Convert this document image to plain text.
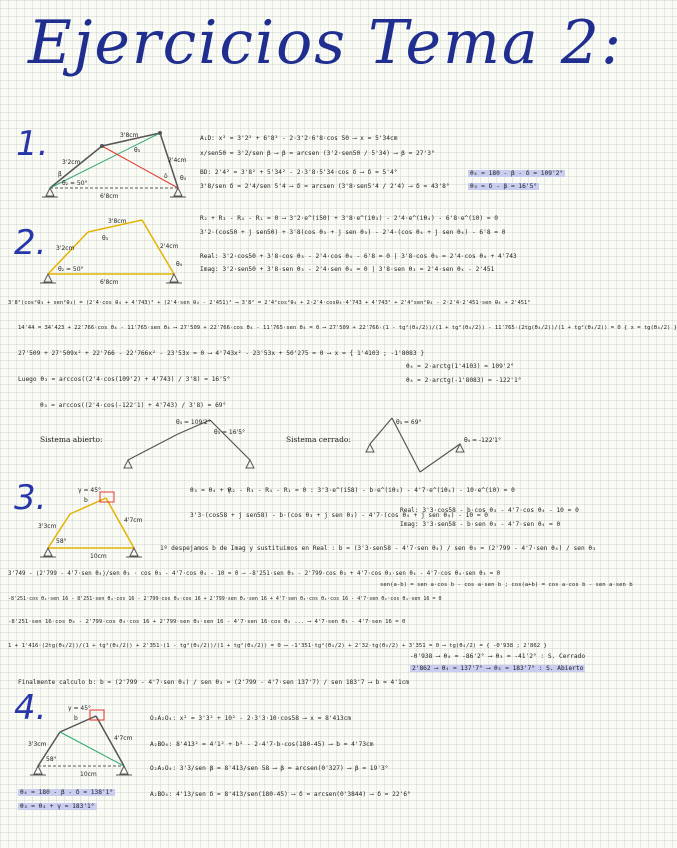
Ejercicios Tema 2:
1.
2.
3.
4.
3'2cm
3'8cm
2'4cm
6'8cm
θ₂ = 50°
θ₃
θ₄
δ
β
A₁D: x² = 3'2² + 6'8² - 2·3'2·6'8·cos 50 ⟶ x = 5'34cm
x/sen50 = 3'2/sen β ⟶ β = arcsen (3'2·sen50 / 5'34) ⟶ β = 27'3°
BD: 2'4² = 3'8² + 5'34² - 2·3'8·5'34·cos δ ⟶ δ = 5'4°
3'8/sen δ = 2'4/sen 5'4 ⟶ δ = arcsen (3'8·sen5'4 / 2'4) ⟶ δ = 43'8°
θ₄ = 180 - β - δ = 109'2°
θ₃ = δ - β = 16'5°
3'2cm
3'8cm
2'4cm
6'8cm
θ₂ = 50°
θ₃
θ₄
R₂ + R₃ - R₄ - R₁ = 0 ⟶ 3'2·e^(i50) + 3'8·e^(iθ₃) - 2'4·e^(iθ₄) - 6'8·e^(i0) = 0
3'2·(cos50 + j sen50) + 3'8(cos θ₃ + j sen θ₃) - 2'4·(cos θ₄ + j sen θ₄) - 6'8 = 0
Real: 3'2·cos50 + 3'8·cos θ₃ - 2'4·cos θ₄ - 6'8 = 0 | 3'8·cos θ₃ = 2'4·cos θ₄ + 4'743
Imag: 3'2·sen50 + 3'8·sen θ₃ - 2'4·sen θ₄ = 0 | 3'8·sen θ₃ = 2'4·sen θ₄ - 2'451
3'8²(cos²θ₃ + sen²θ₃) = (2'4·cos θ₄ + 4'743)² + (2'4·sen θ₄ - 2'451)² ⟶ 3'8² = 2'4²cos²θ₄ + 2·2'4·cosθ₄·4'743 + 4'743² + 2'4²sen²θ₄ - 2·2'4·2'451·sen θ₄ + 2'451²
14'44 = 34'423 + 22'766·cos θ₄ - 11'765·sen θ₄ ⟶ 27'509 + 22'766·cos θ₄ - 11'765·sen θ₄ = 0 ⟶ 27'509 + 22'766·(1 - tg²(θ₄/2))/(1 + tg²(θ₄/2)) - 11'765·(2tg(θ₄/2))/(1 + tg²(θ₄/2)) = 0 { x = tg(θ₄/2) }
27'509 + 27'509x² + 22'766 - 22'766x² - 23'53x = 0 ⟶ 4'743x² - 23'53x + 50'275 = 0 ⟶ x = { 1'4103 ; -1'8083 }
θ₄ = 2·arctg(1'4103) = 109'2°
θ₄ = 2·arctg(-1'8083) = -122'1°
Luego θ₃ = arccos((2'4·cos(109'2) + 4'743) / 3'8) = 16'5°
θ₃ = arccos((2'4·cos(-122'1) + 4'743) / 3'8) = 69°
Sistema abierto:	Sistema cerrado:
θ₃ = 16'5°
θ₄ = 109'2°	θ₃ = 69°
θ₄ = -122'1°
3'3cm
b
4'7cm
10cm
γ = 45°
58°
θ₃ = θ₄ + γ
R₂ - R₃ - R₄ - R₁ = 0 : 3'3·e^(i58) - b·e^(iθ₃) - 4'7·e^(iθ₄) - 10·e^(i0) = 0
3'3·(cos58 + j sen58) - b·(cos θ₃ + j sen θ₃) - 4'7·(cos θ₄ + j sen θ₄) - 10 = 0
Real: 3'3·cos58 - b·cos θ₃ - 4'7·cos θ₄ - 10 = 0
Imag: 3'3·sen58 - b·sen θ₃ - 4'7·sen θ₄ = 0
1º despejamos b de Imag y sustituimos en Real : b = (3'3·sen58 - 4'7·sen θ₄) / sen θ₃ = (2'799 - 4'7·sen θ₄) / sen θ₃
3'749 - (2'799 - 4'7·sen θ₄)/sen θ₃ · cos θ₃ - 4'7·cos θ₄ - 10 = 0 ⟶ -8'251·sen θ₃ - 2'799·cos θ₃ + 4'7·cos θ₃·sen θ₄ - 4'7·cos θ₄·sen θ₃ = 0
sen(a-b) = sen a·cos b - cos a·sen b ; cos(a+b) = cos a·cos b - sen a·sen b
-8'251·cos θ₄·sen 16 - 8'251·sen θ₄·cos 16 - 2'799·cos θ₄·cos 16 + 2'799·sen θ₄·sen 16 + 4'7·sen θ₄·cos θ₄·cos 16 - 4'7·sen θ₄·cos θ₄·sen 16 = 0
-8'251·sen 16·cos θ₄ - 2'799·cos θ₄·cos 16 + 2'799·sen θ₄·sen 16 - 4'7·sen 16·cos θ₄ ... ⟶ 4'7·sen θ₃ - 4'7·sen 16 = 0
1 + 1'416·(2tg(θ₄/2))/(1 + tg²(θ₄/2)) + 2'351·(1 - tg²(θ₄/2))/(1 + tg²(θ₄/2)) = 0 ⟶ -1'351·tg²(θ₄/2) + 2'32·tg(θ₄/2) + 3'351 = 0 ⟶ tg(θ₄/2) = { -0'938 ; 2'862 }
-0'938 ⟶ θ₄ = -86'2° ⟶ θ₃ = -41'2° : S. Cerrado
2'862 ⟶ θ₄ = 137'7° ⟶ θ₃ = 183'7° : S. Abierto
Finalmente calculo b: b = (2'799 - 4'7·sen θ₄) / sen θ₃ = (2'799 - 4'7·sen 137'7) / sen 183'7 ⟶ b = 4'1cm
3'3cm
b
4'7cm
10cm
γ = 45°
58°
O₂A₂O₄: x² = 3'3² + 10² - 2·3'3·10·cos58 ⟶ x = 8'413cm
A₂BO₄: 8'413² = 4'1² + b² - 2·4'7·b·cos(180-45) ⟶ b = 4'73cm
O₂A₂O₄: 3'3/sen β = 8'413/sen 58 ⟶ β = arcsen(0'327) ⟶ β = 19'3°
A₂BO₄: 4'13/sen δ = 8'413/sen(180-45) ⟶ δ = arcsen(0'3844) ⟶ δ = 22'6°
θ₄ = 180 - β - δ = 138'1°
θ₃ = θ₄ + γ = 183'1°
